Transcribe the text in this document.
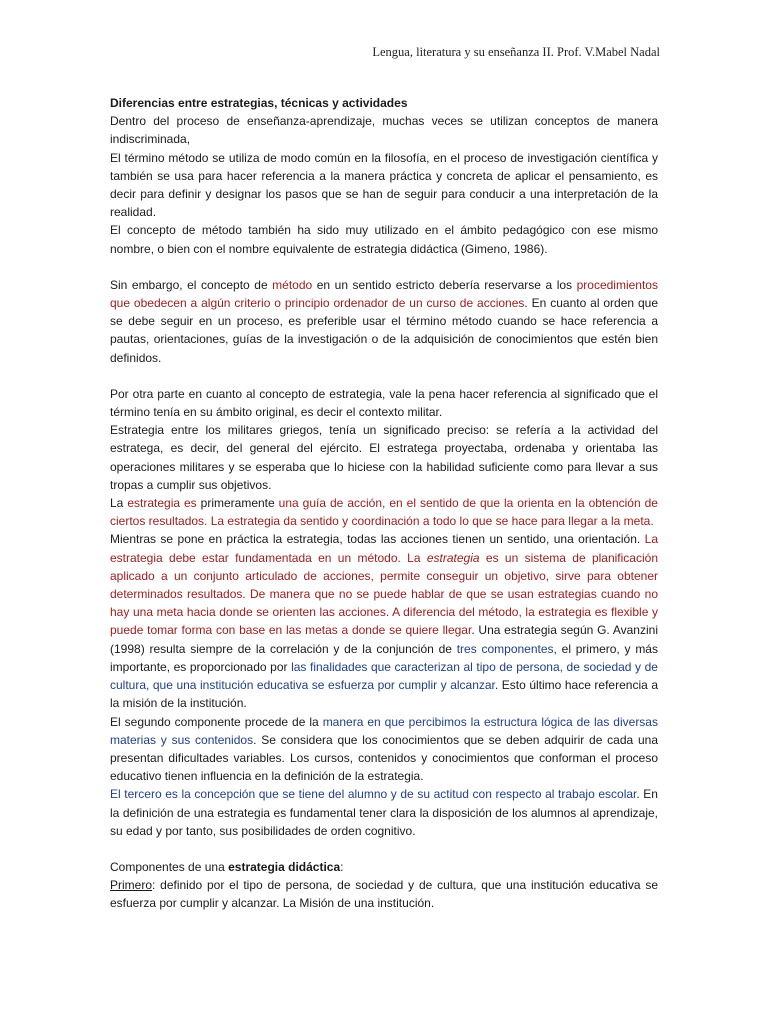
Lengua, literatura y su enseñanza II. Prof. V.Mabel Nadal

Diferencias entre estrategias, técnicas y actividades

Dentro del proceso de enseñanza-aprendizaje, muchas veces se utilizan conceptos de manera indiscriminada,

El término método se utiliza de modo común en la filosofía, en el proceso de investigación científica y también se usa para hacer referencia a la manera práctica y concreta de aplicar el pensamiento, es decir para definir y designar los pasos que se han de seguir para conducir a una interpretación de la realidad.

El concepto de método también ha sido muy utilizado en el ámbito pedagógico con ese mismo nombre, o bien con el nombre equivalente de estrategia didáctica (Gimeno, 1986).

Sin embargo, el concepto de método en un sentido estricto debería reservarse a los procedimientos que obedecen a algún criterio o principio ordenador de un curso de acciones. En cuanto al orden que se debe seguir en un proceso, es preferible usar el término método cuando se hace referencia a pautas, orientaciones, guías de la investigación o de la adquisición de conocimientos que estén bien definidos.

Por otra parte en cuanto al concepto de estrategia, vale la pena hacer referencia al significado que el término tenía en su ámbito original, es decir el contexto militar.

Estrategia entre los militares griegos, tenía un significado preciso: se refería a la actividad del estratega, es decir, del general del ejército. El estratega proyectaba, ordenaba y orientaba las operaciones militares y se esperaba que lo hiciese con la habilidad suficiente como para llevar a sus tropas a cumplir sus objetivos.

La estrategia es primeramente una guía de acción, en el sentido de que la orienta en la obtención de ciertos resultados. La estrategia da sentido y coordinación a todo lo que se hace para llegar a la meta.

Mientras se pone en práctica la estrategia, todas las acciones tienen un sentido, una orientación. La estrategia debe estar fundamentada en un método. La estrategia es un sistema de planificación aplicado a un conjunto articulado de acciones, permite conseguir un objetivo, sirve para obtener determinados resultados. De manera que no se puede hablar de que se usan estrategias cuando no hay una meta hacia donde se orienten las acciones. A diferencia del método, la estrategia es flexible y puede tomar forma con base en las metas a donde se quiere llegar. Una estrategia según G. Avanzini (1998) resulta siempre de la correlación y de la conjunción de tres componentes, el primero, y más importante, es proporcionado por las finalidades que caracterizan al tipo de persona, de sociedad y de cultura, que una institución educativa se esfuerza por cumplir y alcanzar. Esto último hace referencia a la misión de la institución.

El segundo componente procede de la manera en que percibimos la estructura lógica de las diversas materias y sus contenidos. Se considera que los conocimientos que se deben adquirir de cada una presentan dificultades variables. Los cursos, contenidos y conocimientos que conforman el proceso educativo tienen influencia en la definición de la estrategia.

El tercero es la concepción que se tiene del alumno y de su actitud con respecto al trabajo escolar. En la definición de una estrategia es fundamental tener clara la disposición de los alumnos al aprendizaje, su edad y por tanto, sus posibilidades de orden cognitivo.

Componentes de una estrategia didáctica:

Primero: definido por el tipo de persona, de sociedad y de cultura, que una institución educativa se esfuerza por cumplir y alcanzar. La Misión de una institución.
